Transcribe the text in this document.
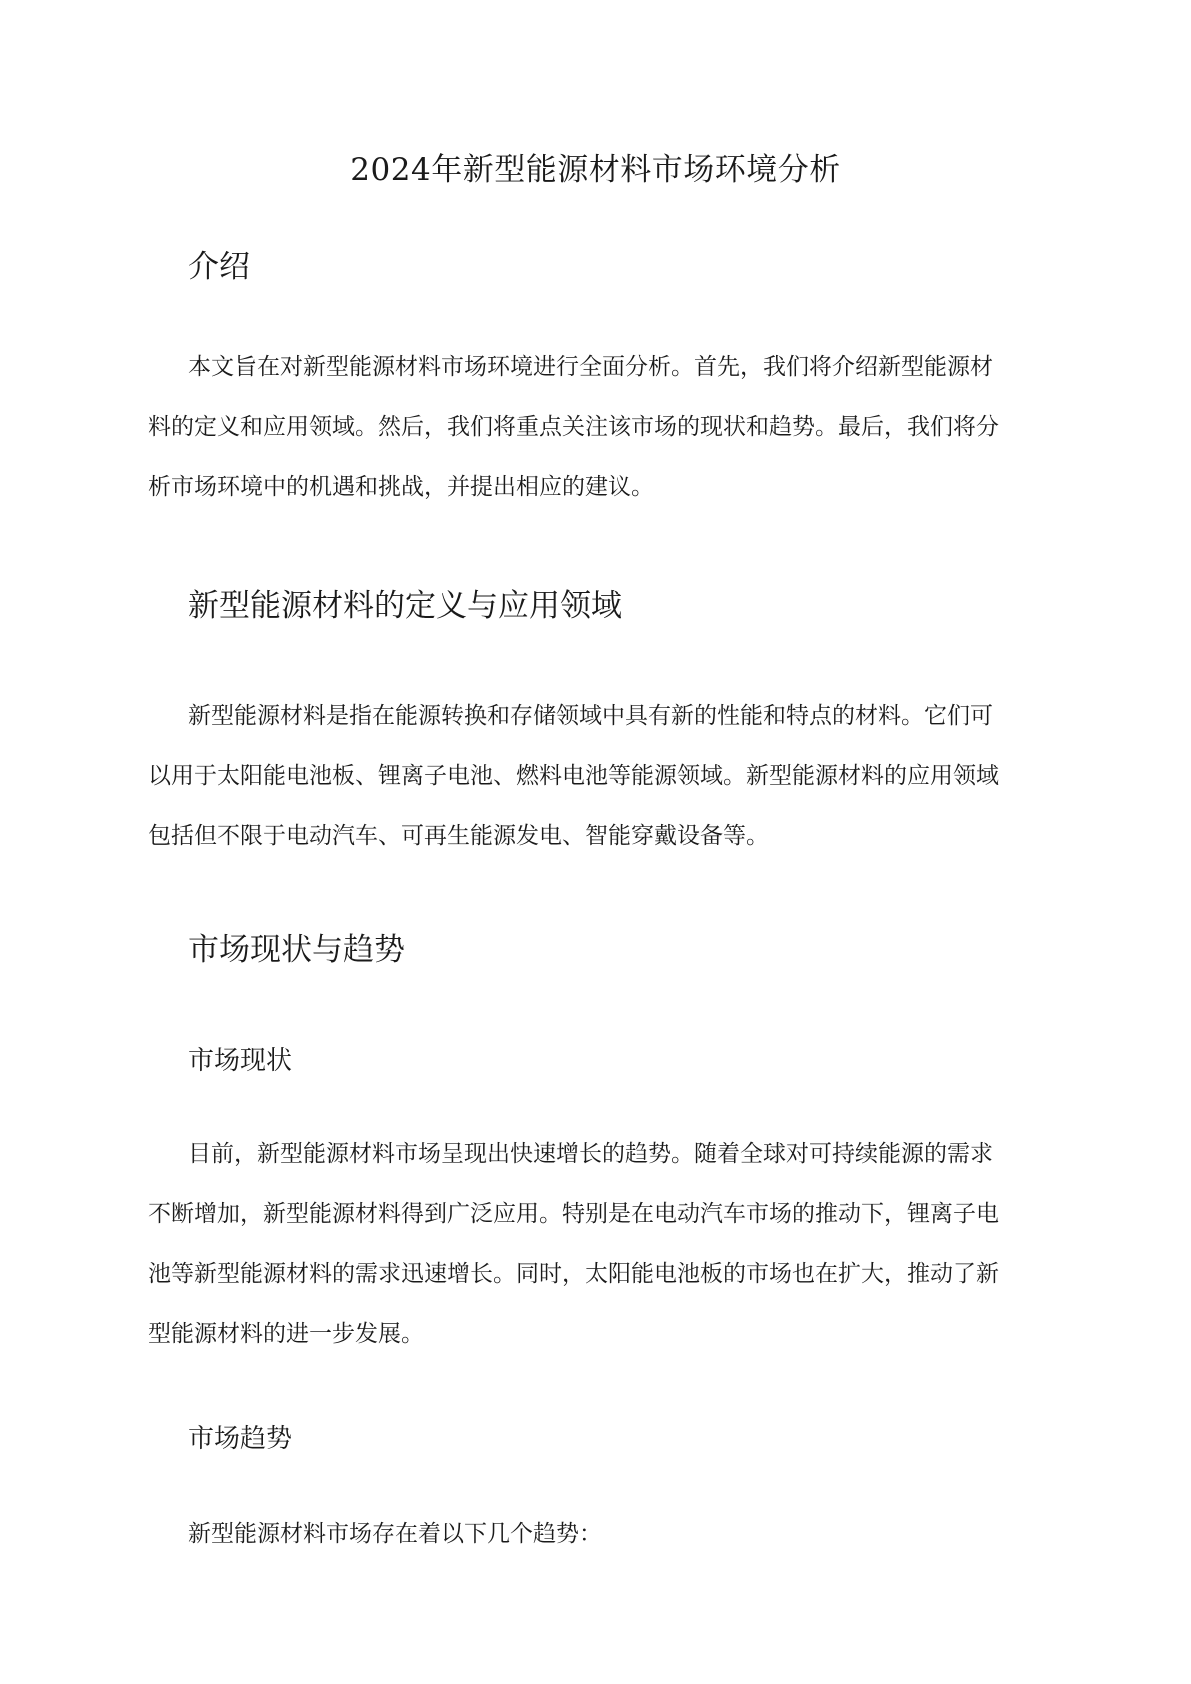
2024年新型能源材料市场环境分析
介绍
本文旨在对新型能源材料市场环境进行全面分析。首先，我们将介绍新型能源材
料的定义和应用领域。然后，我们将重点关注该市场的现状和趋势。最后，我们将分
析市场环境中的机遇和挑战，并提出相应的建议。
新型能源材料的定义与应用领域
新型能源材料是指在能源转换和存储领域中具有新的性能和特点的材料。它们可
以用于太阳能电池板、锂离子电池、燃料电池等能源领域。新型能源材料的应用领域
包括但不限于电动汽车、可再生能源发电、智能穿戴设备等。
市场现状与趋势
市场现状
目前，新型能源材料市场呈现出快速增长的趋势。随着全球对可持续能源的需求
不断增加，新型能源材料得到广泛应用。特别是在电动汽车市场的推动下，锂离子电
池等新型能源材料的需求迅速增长。同时，太阳能电池板的市场也在扩大，推动了新
型能源材料的进一步发展。
市场趋势
新型能源材料市场存在着以下几个趋势：
